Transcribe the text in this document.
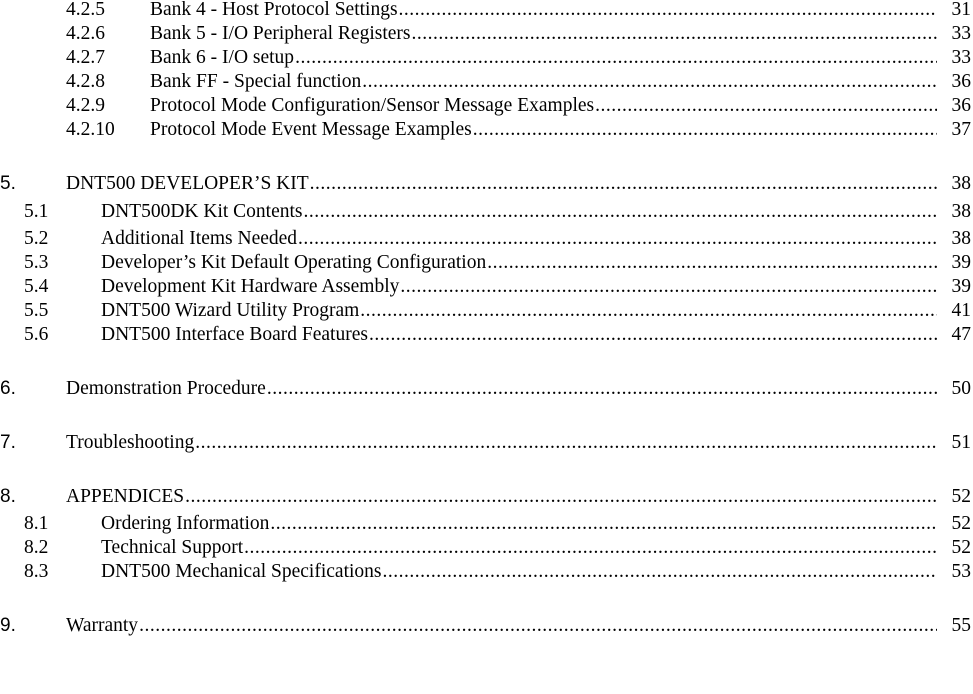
4.2.5 Bank 4 - Host Protocol Settings .....	31
4.2.6 Bank 5 - I/O Peripheral Registers .....	33
4.2.7 Bank 6 - I/O setup .....	33
4.2.8 Bank FF - Special function .....	36
4.2.9 Protocol Mode Configuration/Sensor Message Examples .....	36
4.2.10 Protocol Mode Event Message Examples .....	37
5.	DNT500 DEVELOPER’S KIT .....	38
5.1	DNT500DK Kit Contents .....	38
5.2	Additional Items Needed .....	38
5.3	Developer’s Kit Default Operating Configuration .....	39
5.4	Development Kit Hardware Assembly .....	39
5.5	DNT500 Wizard Utility Program .....	41
5.6	DNT500 Interface Board Features .....	47
6.	Demonstration Procedure .....	50
7.	Troubleshooting .....	51
8.	APPENDICES .....	52
8.1	Ordering Information .....	52
8.2	Technical Support .....	52
8.3	DNT500 Mechanical Specifications .....	53
9.	Warranty .....	55
